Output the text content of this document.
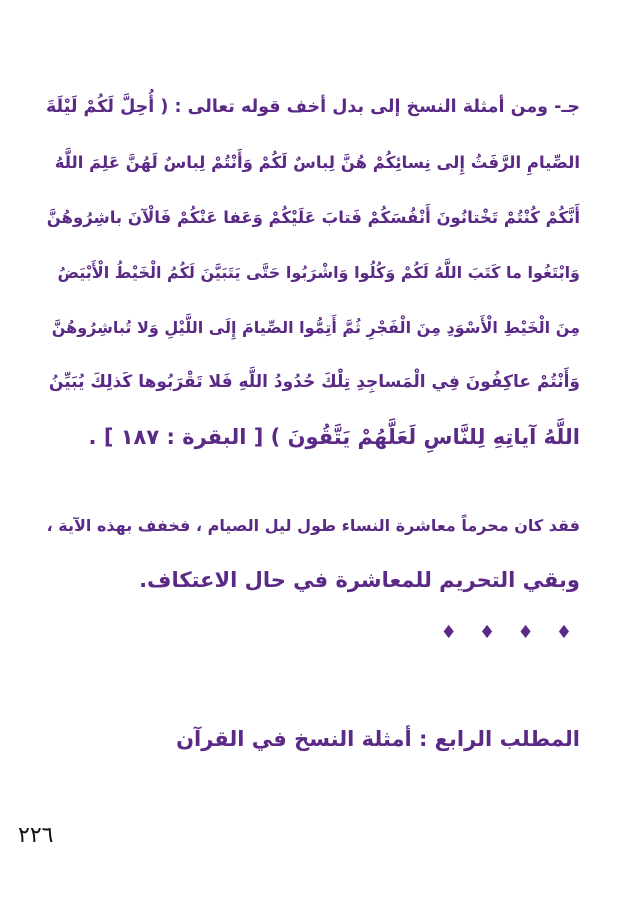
جـ- ومن أمثلة النسخ إلى بدل أخف قوله تعالى : ( أُحِلَّ لَكُمْ لَيْلَةَ
الصِّيامِ الرَّفَثُ إِلى نِسائِكُمْ هُنَّ لِباسٌ لَكُمْ وَأَنْتُمْ لِباسٌ لَهُنَّ عَلِمَ اللَّهُ
أَنَّكُمْ كُنْتُمْ تَخْتانُونَ أَنْفُسَكُمْ فَتابَ عَلَيْكُمْ وَعَفا عَنْكُمْ فَالْآنَ باشِرُوهُنَّ
وَابْتَغُوا ما كَتَبَ اللَّهُ لَكُمْ وَكُلُوا وَاشْرَبُوا حَتَّى يَتَبَيَّنَ لَكُمُ الْخَيْطُ الْأَبْيَضُ
مِنَ الْخَيْطِ الْأَسْوَدِ مِنَ الْفَجْرِ ثُمَّ أَتِمُّوا الصِّيامَ إِلَى اللَّيْلِ وَلا تُباشِرُوهُنَّ
وَأَنْتُمْ عاكِفُونَ فِي الْمَساجِدِ تِلْكَ حُدُودُ اللَّهِ فَلا تَقْرَبُوها كَذلِكَ يُبَيِّنُ
اللَّهُ آياتِهِ لِلنَّاسِ لَعَلَّهُمْ يَتَّقُونَ ) [ البقرة : ١٨٧ ] .
فقد كان محرماً معاشرة النساء طول ليل الصيام ، فخفف بهذه الآية ،
وبقي التحريم للمعاشرة في حال الاعتكاف.
♦ ♦ ♦ ♦
المطلب الرابع : أمثلة النسخ في القرآن
٢٢٦
